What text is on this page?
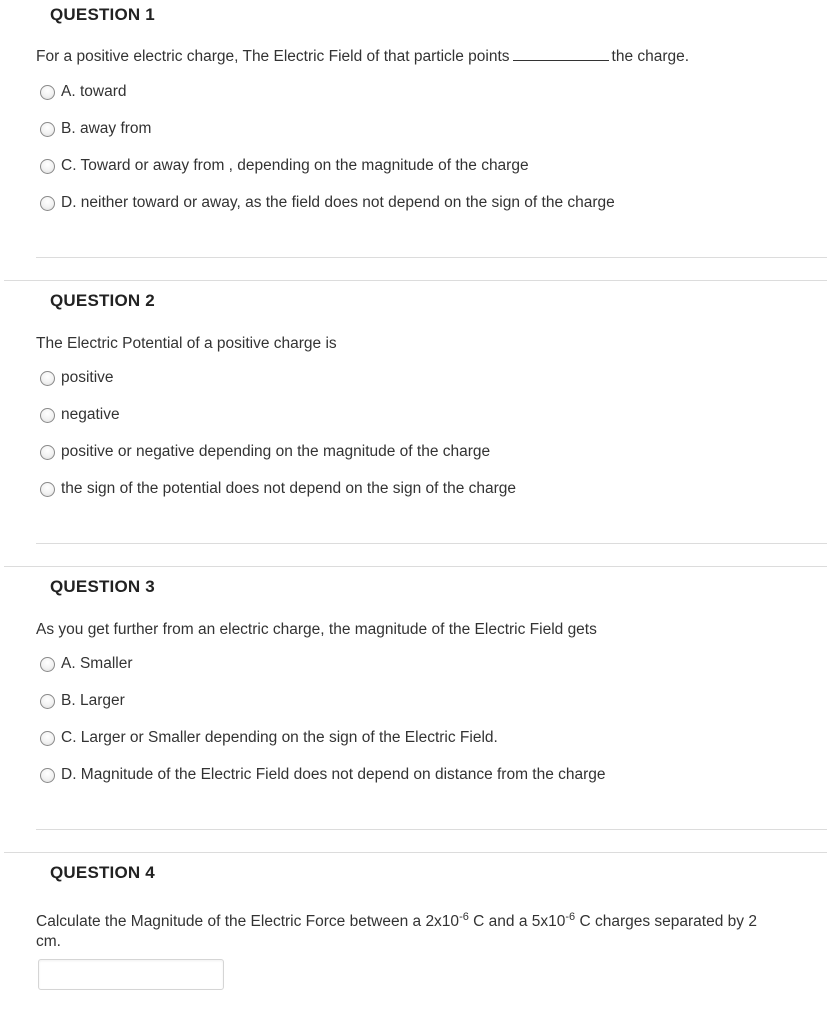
QUESTION 1
For a positive electric charge, The Electric Field of that particle points	the charge.
A. toward
B. away from
C. Toward or away from , depending on the magnitude of the charge
D. neither toward or away, as the field does not depend on the sign of the charge
QUESTION 2
The Electric Potential of a positive charge is
positive
negative
positive or negative depending on the magnitude of the charge
the sign of the potential does not depend on the sign of the charge
QUESTION 3
As you get further from an electric charge, the magnitude of the Electric Field gets
A. Smaller
B. Larger
C. Larger or Smaller depending on the sign of the Electric Field.
D. Magnitude of the Electric Field does not depend on distance from the charge
QUESTION 4
Calculate the Magnitude of the Electric Force between a $2x10^{-6}$ C and a $5x10^{-6}$ C charges separated by 2
cm.
